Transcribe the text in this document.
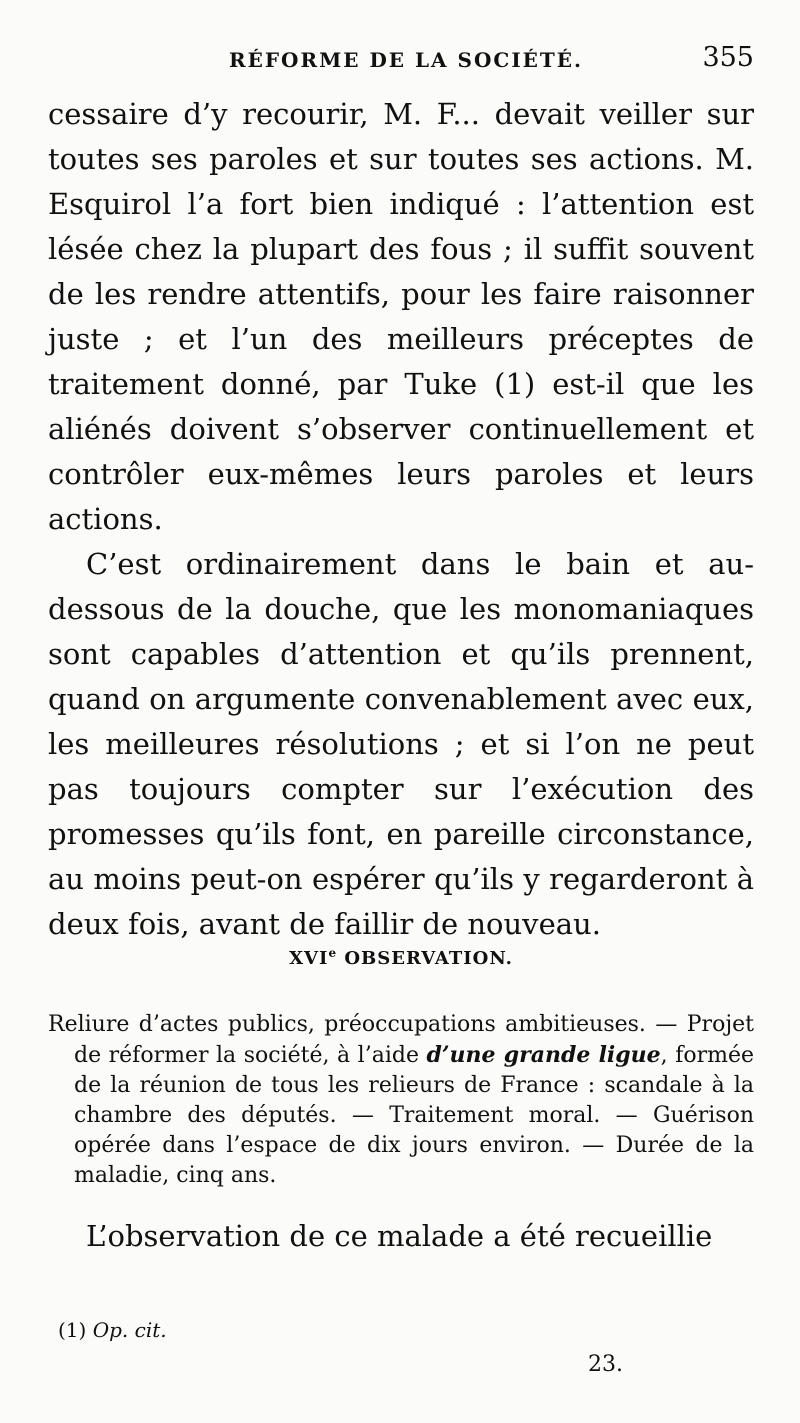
RÉFORME DE LA SOCIÉTÉ.	355

cessaire d’y recourir, M. F... devait veiller sur toutes ses paroles et sur toutes ses actions. M. Esquirol l’a fort bien indiqué : l’attention est lésée chez la plupart des fous ; il suffit souvent de les rendre attentifs, pour les faire raisonner juste ; et l’un des meilleurs préceptes de traitement donné, par Tuke (1) est-il que les aliénés doivent s’observer continuellement et contrôler eux-mêmes leurs paroles et leurs actions.

C’est ordinairement dans le bain et au-dessous de la douche, que les monomaniaques sont capables d’attention et qu’ils prennent, quand on argumente convenablement avec eux, les meilleures résolutions ; et si l’on ne peut pas toujours compter sur l’exécution des promesses qu’ils font, en pareille circonstance, au moins peut-on espérer qu’ils y regarderont à deux fois, avant de faillir de nouveau.

XVIe OBSERVATION.
Reliure d’actes publics, préoccupations ambitieuses. — Projet de réformer la société, à l’aide d’une grande ligue, formée de la réunion de tous les relieurs de France : scandale à la chambre des députés. — Traitement moral. — Guérison opérée dans l’espace de dix jours environ. — Durée de la maladie, cinq ans.
L’observation de ce malade a été recueillie
(1) Op. cit.
23.
